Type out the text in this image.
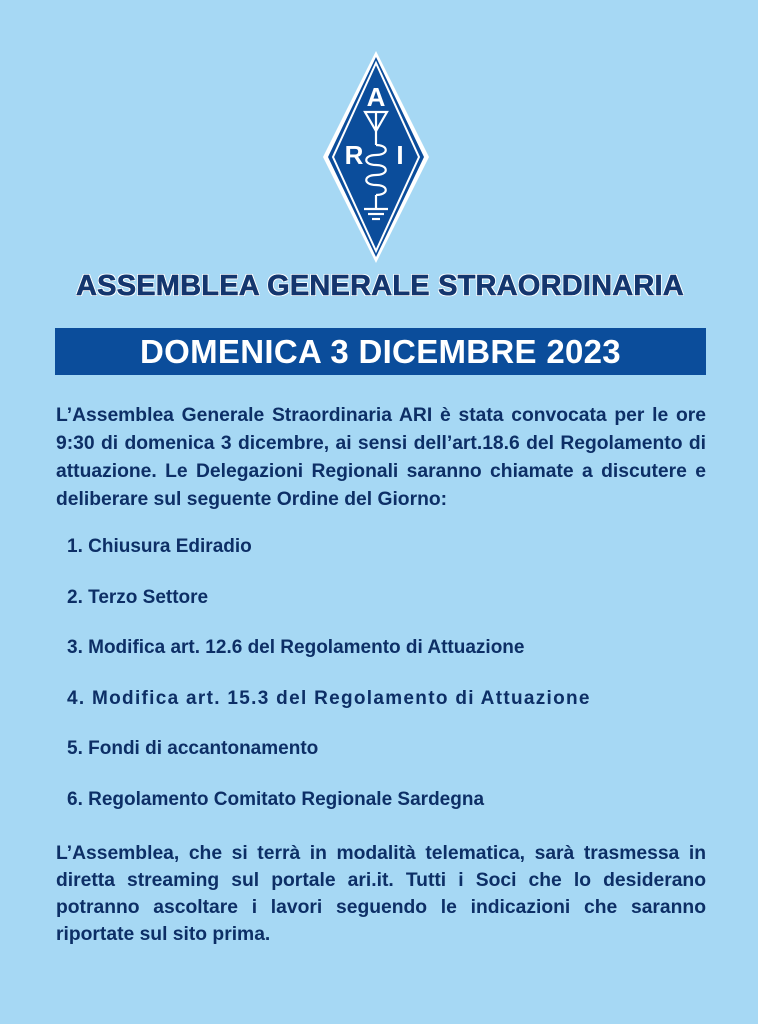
A
R I
ASSEMBLEA GENERALE STRAORDINARIA
DOMENICA 3 DICEMBRE 2023
L’Assemblea Generale Straordinaria ARI è stata convocata per le ore 9:30 di domenica 3 dicembre, ai sensi dell’art.18.6 del Regolamento di attuazione. Le Delegazioni Regionali saranno chiamate a discutere e deliberare sul seguente Ordine del Giorno:
1. Chiusura Ediradio
2. Terzo Settore
3. Modifica art. 12.6 del Regolamento di Attuazione
4. Modifica art. 15.3 del Regolamento di Attuazione
5. Fondi di accantonamento
6. Regolamento Comitato Regionale Sardegna
L’Assemblea, che si terrà in modalità telematica, sarà trasmessa in diretta streaming sul portale ari.it. Tutti i Soci che lo desiderano potranno ascoltare i lavori seguendo le indicazioni che saranno riportate sul sito prima.
